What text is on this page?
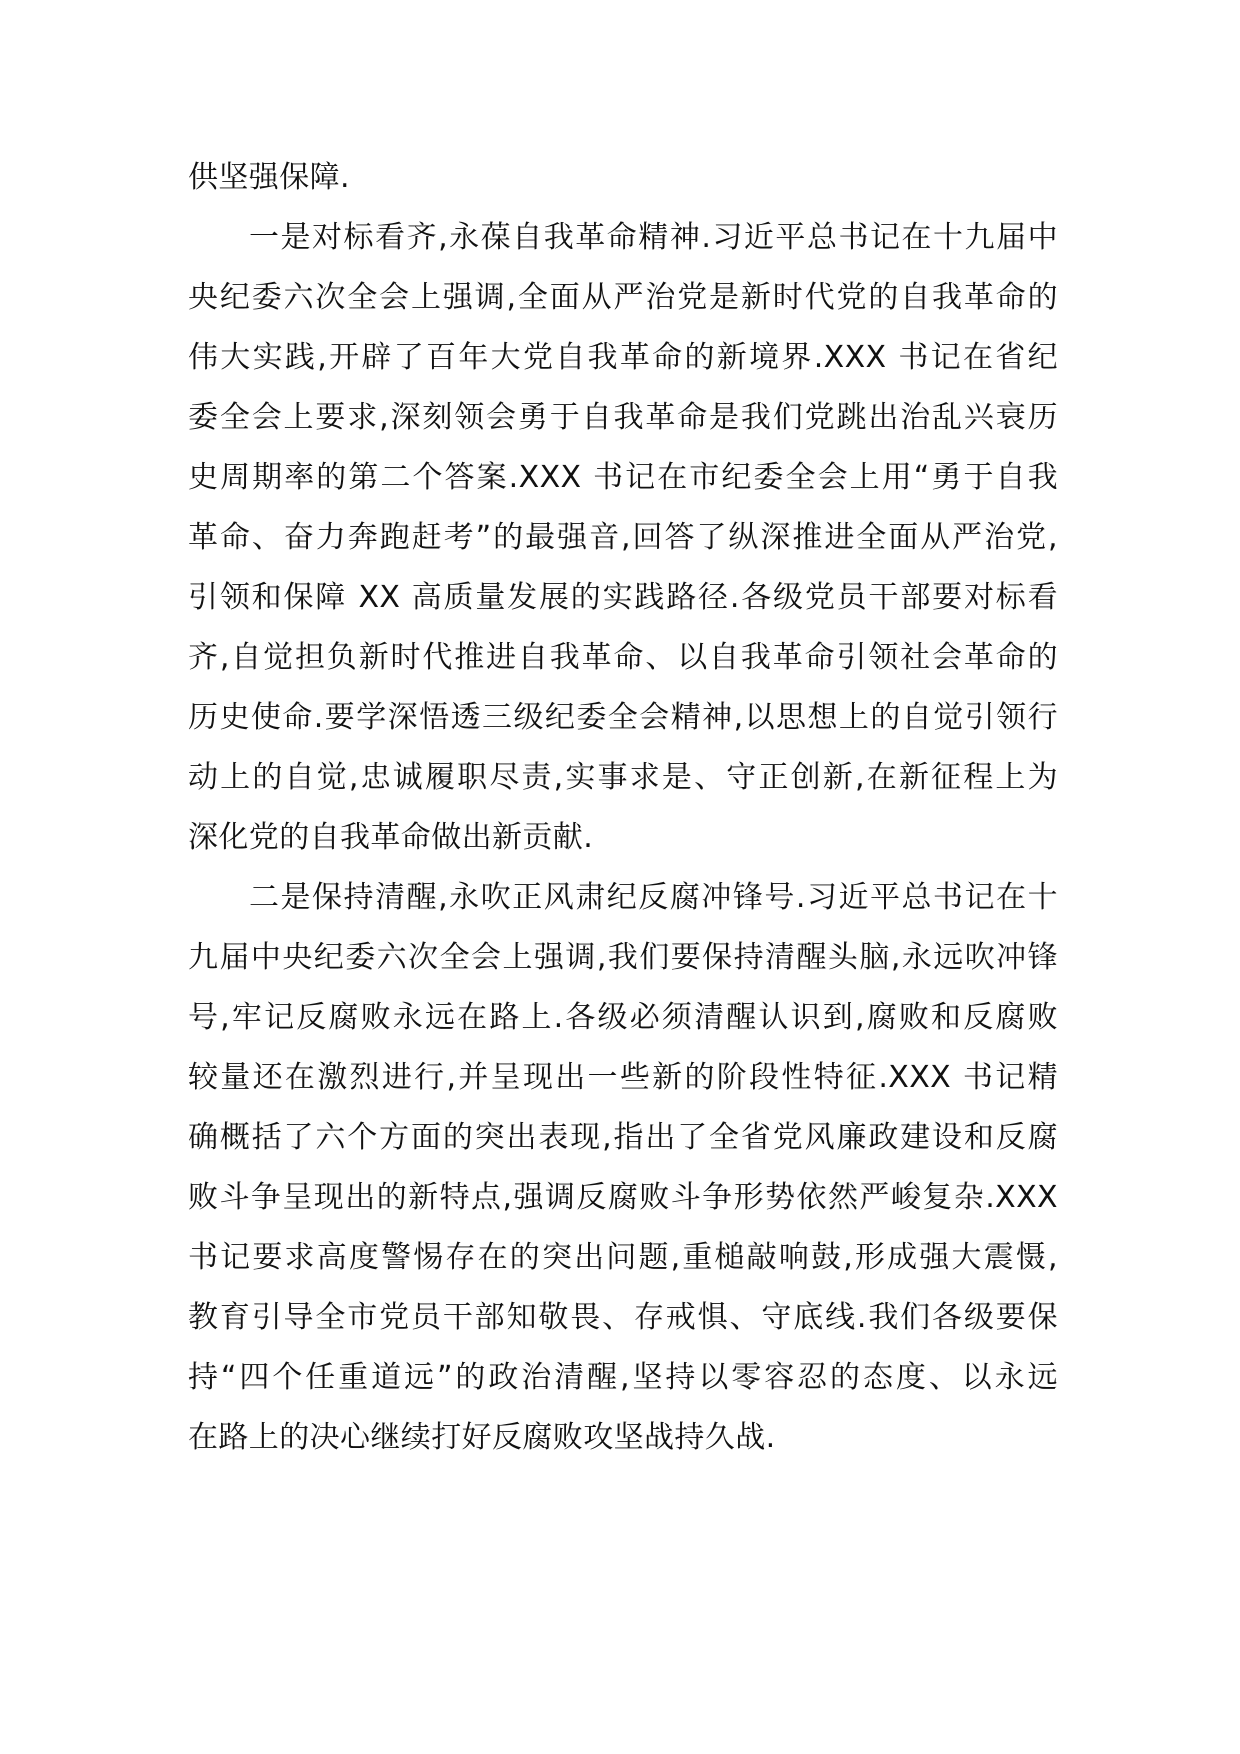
供坚强保障.
一是对标看齐,永葆自我革命精神.习近平总书记在十九届中
央纪委六次全会上强调,全面从严治党是新时代党的自我革命的
伟大实践,开辟了百年大党自我革命的新境界.XXX 书记在省纪
委全会上要求,深刻领会勇于自我革命是我们党跳出治乱兴衰历
史周期率的第二个答案.XXX 书记在市纪委全会上用“勇于自我
革命、奋力奔跑赶考”的最强音,回答了纵深推进全面从严治党,
引领和保障 XX 高质量发展的实践路径.各级党员干部要对标看
齐,自觉担负新时代推进自我革命、以自我革命引领社会革命的
历史使命.要学深悟透三级纪委全会精神,以思想上的自觉引领行
动上的自觉,忠诚履职尽责,实事求是、守正创新,在新征程上为
深化党的自我革命做出新贡献.
二是保持清醒,永吹正风肃纪反腐冲锋号.习近平总书记在十
九届中央纪委六次全会上强调,我们要保持清醒头脑,永远吹冲锋
号,牢记反腐败永远在路上.各级必须清醒认识到,腐败和反腐败
较量还在激烈进行,并呈现出一些新的阶段性特征.XXX 书记精
确概括了六个方面的突出表现,指出了全省党风廉政建设和反腐
败斗争呈现出的新特点,强调反腐败斗争形势依然严峻复杂.XXX
书记要求高度警惕存在的突出问题,重槌敲响鼓,形成强大震慑,
教育引导全市党员干部知敬畏、存戒惧、守底线.我们各级要保
持“四个任重道远”的政治清醒,坚持以零容忍的态度、以永远
在路上的决心继续打好反腐败攻坚战持久战.
